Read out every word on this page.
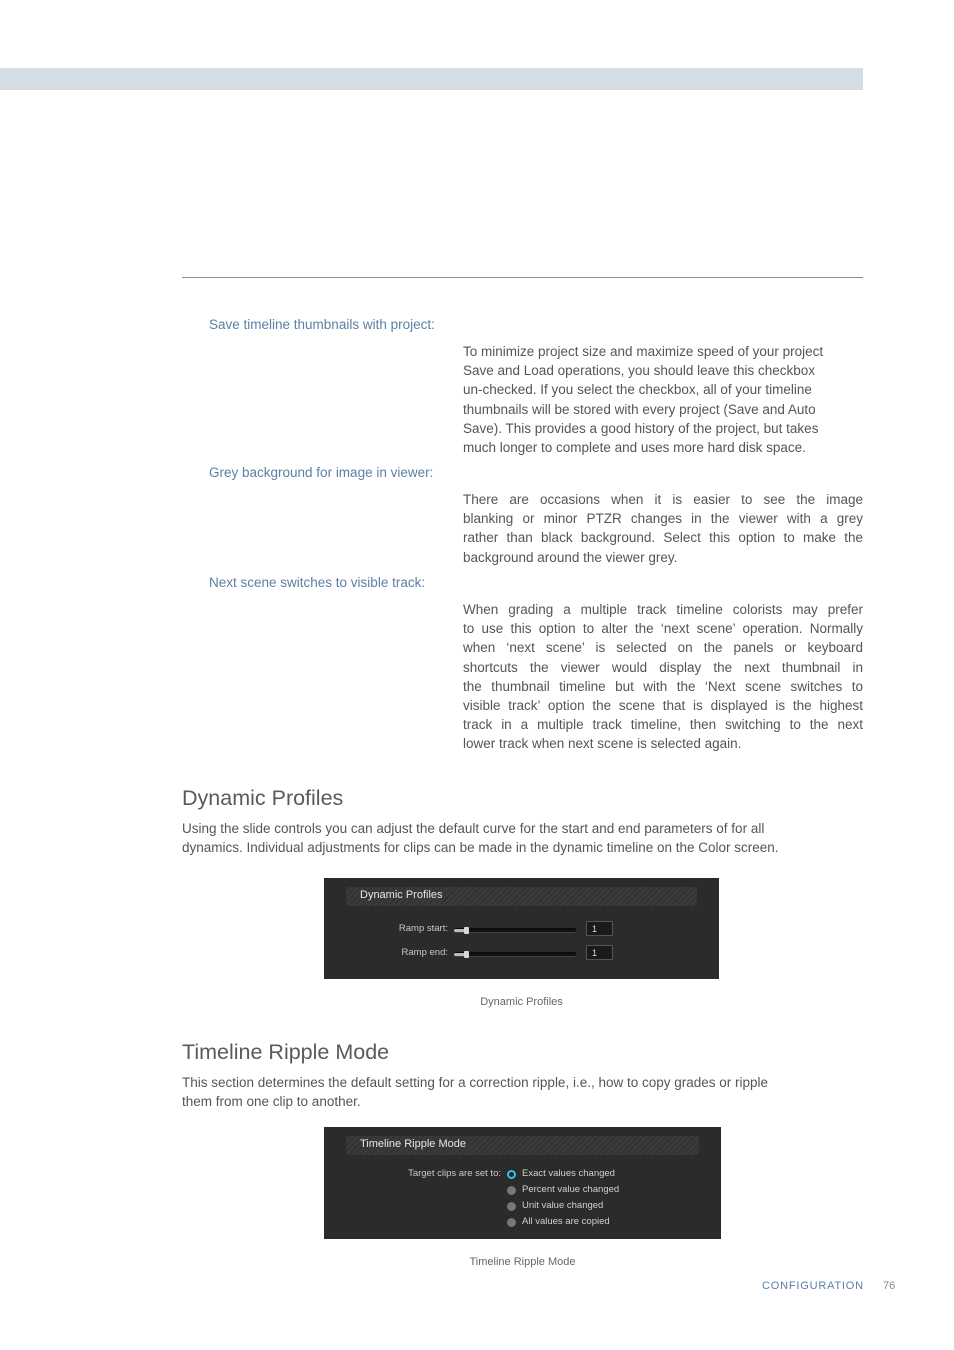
Save timeline thumbnails with project:
To minimize project size and maximize speed of your project
Save and Load operations, you should leave this checkbox
un-checked. If you select the checkbox, all of your timeline
thumbnails will be stored with every project (Save and Auto
Save). This provides a good history of the project, but takes
much longer to complete and uses more hard disk space.
Grey background for image in viewer:
There are occasions when it is easier to see the image
blanking or minor PTZR changes in the viewer with a grey
rather than black background. Select this option to make the
background around the viewer grey.
Next scene switches to visible track:
When grading a multiple track timeline colorists may prefer
to use this option to alter the ‘next scene’ operation. Normally
when ‘next scene’ is selected on the panels or keyboard
shortcuts the viewer would display the next thumbnail in
the thumbnail timeline but with the ‘Next scene switches to
visible track’ option the scene that is displayed is the highest
track in a multiple track timeline, then switching to the next
lower track when next scene is selected again.
Dynamic Profiles
Using the slide controls you can adjust the default curve for the start and end parameters of for all
dynamics. Individual adjustments for clips can be made in the dynamic timeline on the Color screen.
Dynamic Profiles
Ramp start:	1
Ramp end:	1
Dynamic Profiles
Timeline Ripple Mode
This section determines the default setting for a correction ripple, i.e., how to copy grades or ripple
them from one clip to another.
Timeline Ripple Mode
Target clips are set to: Exact values changed
Percent value changed
Unit value changed
All values are copied
Timeline Ripple Mode
CONFIGURATION 76
